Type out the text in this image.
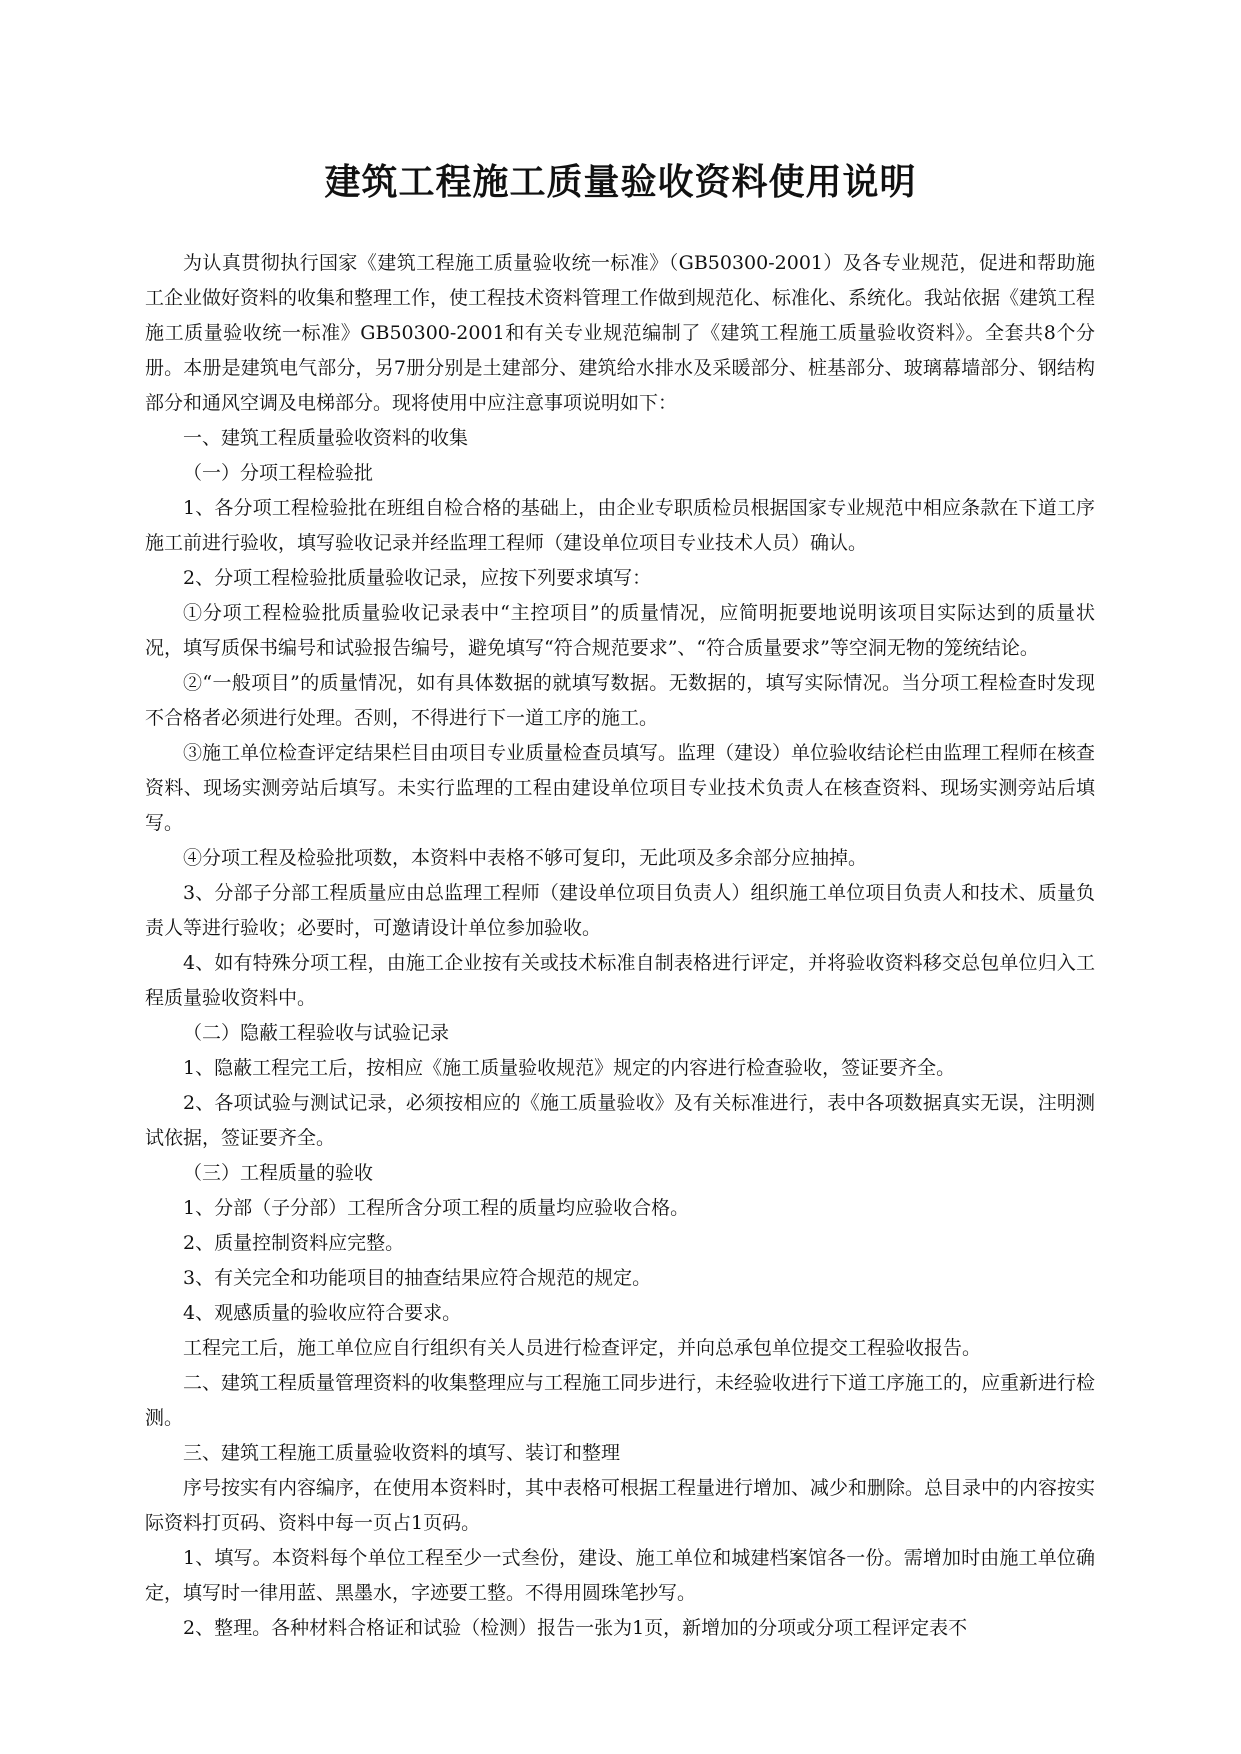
建筑工程施工质量验收资料使用说明

为认真贯彻执行国家《建筑工程施工质量验收统一标准》（GB50300-2001）及各专业规范，促进和帮助施工企业做好资料的收集和整理工作，使工程技术资料管理工作做到规范化、标准化、系统化。我站依据《建筑工程施工质量验收统一标准》GB50300-2001和有关专业规范编制了《建筑工程施工质量验收资料》。全套共8个分册。本册是建筑电气部分，另7册分别是土建部分、建筑给水排水及采暖部分、桩基部分、玻璃幕墙部分、钢结构部分和通风空调及电梯部分。现将使用中应注意事项说明如下：

一、建筑工程质量验收资料的收集

（一）分项工程检验批

1、各分项工程检验批在班组自检合格的基础上，由企业专职质检员根据国家专业规范中相应条款在下道工序施工前进行验收，填写验收记录并经监理工程师（建设单位项目专业技术人员）确认。

2、分项工程检验批质量验收记录，应按下列要求填写：

①分项工程检验批质量验收记录表中“主控项目”的质量情况，应简明扼要地说明该项目实际达到的质量状况，填写质保书编号和试验报告编号，避免填写“符合规范要求”、“符合质量要求”等空洞无物的笼统结论。

②“一般项目”的质量情况，如有具体数据的就填写数据。无数据的，填写实际情况。当分项工程检查时发现不合格者必须进行处理。否则，不得进行下一道工序的施工。

③施工单位检查评定结果栏目由项目专业质量检查员填写。监理（建设）单位验收结论栏由监理工程师在核查资料、现场实测旁站后填写。未实行监理的工程由建设单位项目专业技术负责人在核查资料、现场实测旁站后填写。

④分项工程及检验批项数，本资料中表格不够可复印，无此项及多余部分应抽掉。

3、分部子分部工程质量应由总监理工程师（建设单位项目负责人）组织施工单位项目负责人和技术、质量负责人等进行验收；必要时，可邀请设计单位参加验收。

4、如有特殊分项工程，由施工企业按有关或技术标准自制表格进行评定，并将验收资料移交总包单位归入工程质量验收资料中。

（二）隐蔽工程验收与试验记录

1、隐蔽工程完工后，按相应《施工质量验收规范》规定的内容进行检查验收，签证要齐全。

2、各项试验与测试记录，必须按相应的《施工质量验收》及有关标准进行，表中各项数据真实无误，注明测试依据，签证要齐全。

（三）工程质量的验收

1、分部（子分部）工程所含分项工程的质量均应验收合格。

2、质量控制资料应完整。

3、有关完全和功能项目的抽查结果应符合规范的规定。

4、观感质量的验收应符合要求。

工程完工后，施工单位应自行组织有关人员进行检查评定，并向总承包单位提交工程验收报告。

二、建筑工程质量管理资料的收集整理应与工程施工同步进行，未经验收进行下道工序施工的，应重新进行检测。

三、建筑工程施工质量验收资料的填写、装订和整理

序号按实有内容编序，在使用本资料时，其中表格可根据工程量进行增加、减少和删除。总目录中的内容按实际资料打页码、资料中每一页占1页码。

1、填写。本资料每个单位工程至少一式叁份，建设、施工单位和城建档案馆各一份。需增加时由施工单位确定，填写时一律用蓝、黑墨水，字迹要工整。不得用圆珠笔抄写。

2、整理。各种材料合格证和试验（检测）报告一张为1页，新增加的分项或分项工程评定表不
